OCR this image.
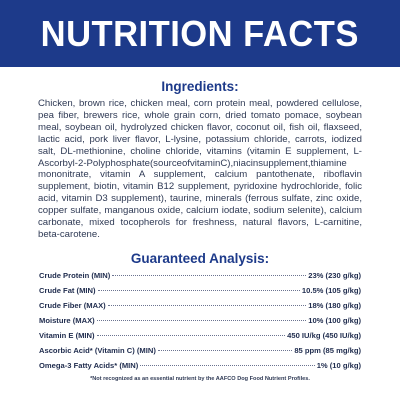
NUTRITION FACTS
Ingredients:
Chicken, brown rice, chicken meal, corn protein meal, powdered cellulose, pea fiber, brewers rice, whole grain corn, dried tomato pomace, soybean meal, soybean oil, hydrolyzed chicken flavor, coconut oil, fish oil, flaxseed, lactic acid, pork liver flavor, L-lysine, potassium chloride, carrots, iodized salt, DL-methionine, choline chloride, vitamins (vitamin E supplement, L-Ascorbyl-2-Polyphosphate(sourceofvitaminC),niacinsupplement,thiamine mononitrate, vitamin A supplement, calcium pantothenate, riboflavin supplement, biotin, vitamin B12 supplement, pyridoxine hydrochloride, folic acid, vitamin D3 supplement), taurine, minerals (ferrous sulfate, zinc oxide, copper sulfate, manganous oxide, calcium iodate, sodium selenite), calcium carbonate, mixed tocopherols for freshness, natural flavors, L-carnitine, beta-carotene.
Guaranteed Analysis:
Crude Protein (MIN)	23% (230 g/kg)
Crude Fat (MIN)	10.5% (105 g/kg)
Crude Fiber (MAX)	18% (180 g/kg)
Moisture (MAX)	10% (100 g/kg)
Vitamin E (MIN)	450 IU/kg (450 IU/kg)
Ascorbic Acid* (Vitamin C) (MIN)	85 ppm (85 mg/kg)
Omega-3 Fatty Acids* (MIN)	1% (10 g/kg)
*Not recognized as an essential nutrient by the AAFCO Dog Food Nutrient Profiles.
